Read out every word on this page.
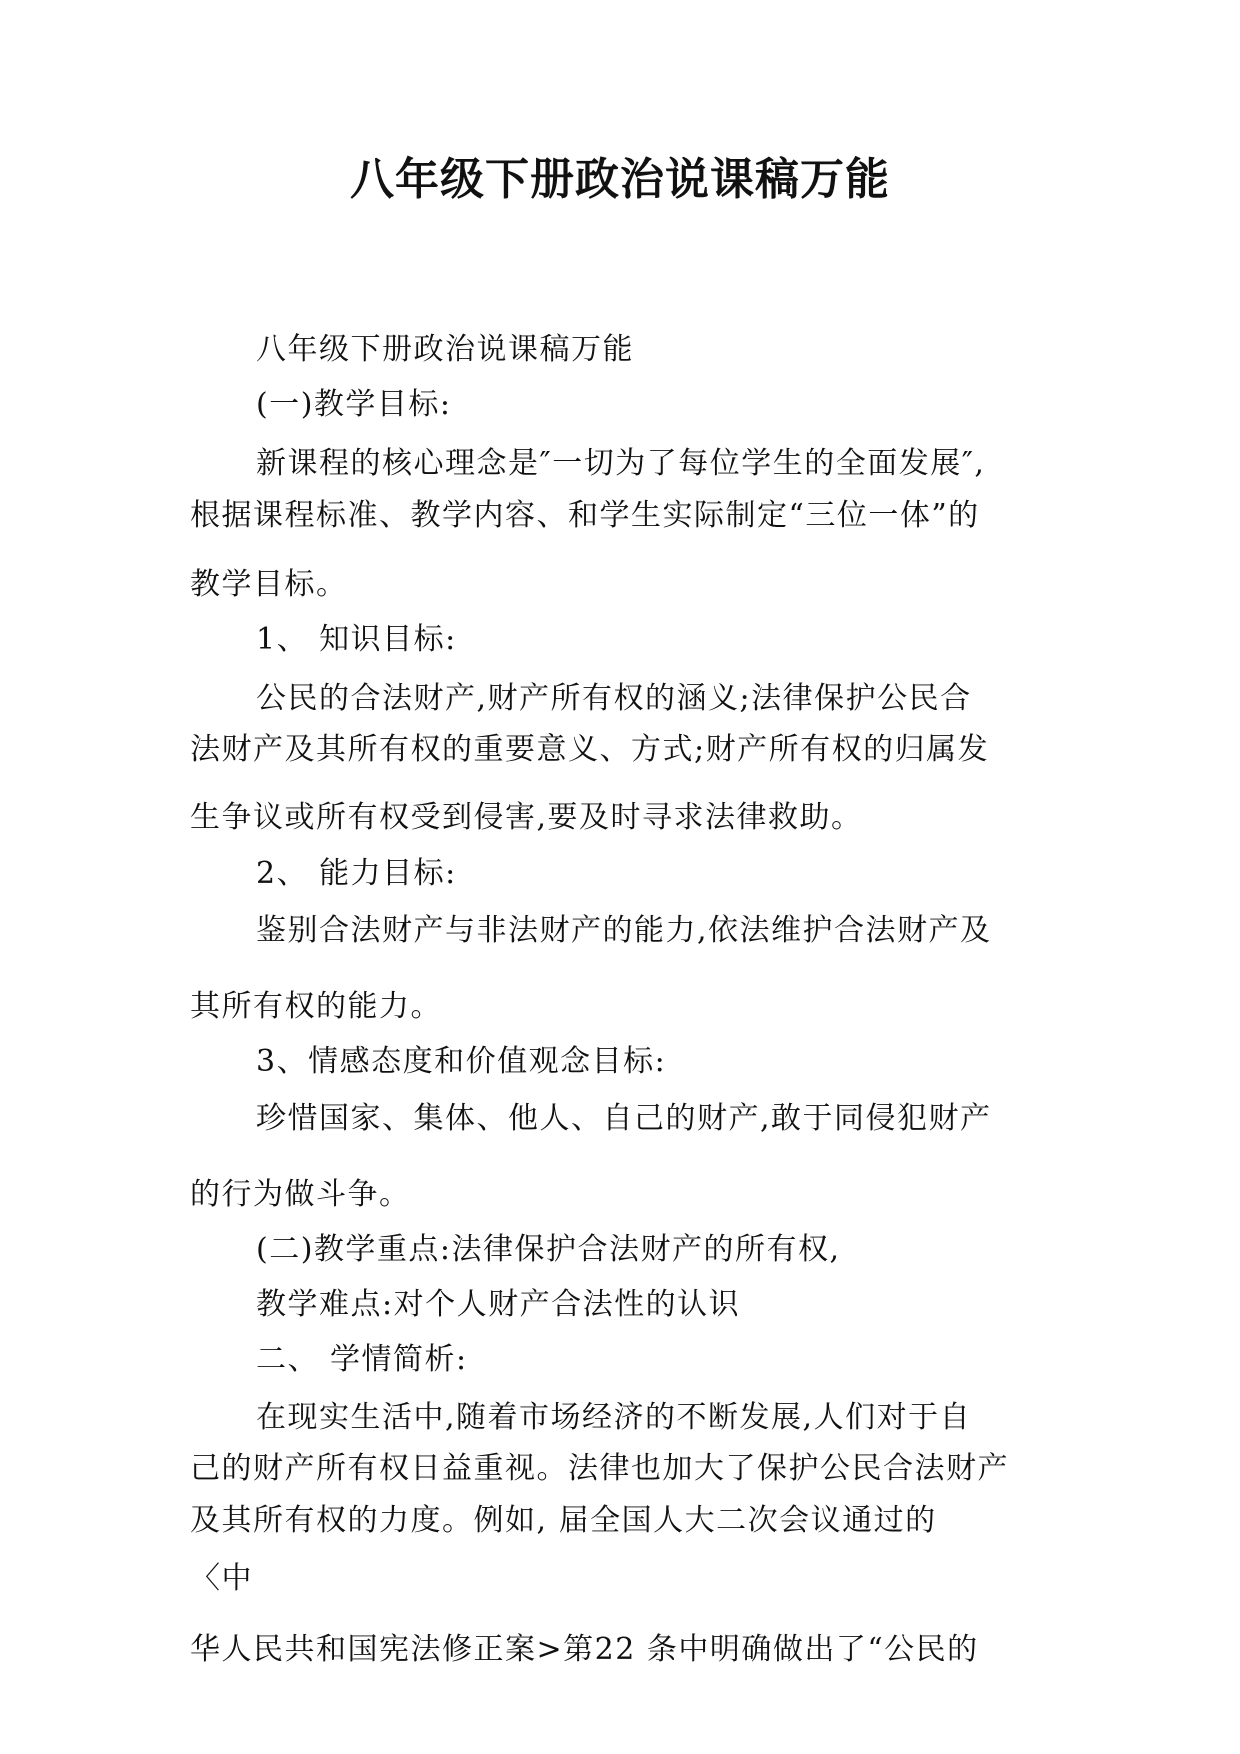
八年级下册政治说课稿万能
八年级下册政治说课稿万能
(一)教学目标:
新课程的核心理念是″一切为了每位学生的全面发展″,
根据课程标准、教学内容、和学生实际制定“三位一体”的
教学目标。
1、 知识目标:
公民的合法财产,财产所有权的涵义;法律保护公民合
法财产及其所有权的重要意义、方式;财产所有权的归属发
生争议或所有权受到侵害,要及时寻求法律救助。
2、 能力目标:
鉴别合法财产与非法财产的能力,依法维护合法财产及
其所有权的能力。
3、情感态度和价值观念目标:
珍惜国家、集体、他人、自己的财产,敢于同侵犯财产
的行为做斗争。
(二)教学重点:法律保护合法财产的所有权,
教学难点:对个人财产合法性的认识
二、 学情简析:
在现实生活中,随着市场经济的不断发展,人们对于自
己的财产所有权日益重视。法律也加大了保护公民合法财产
及其所有权的力度。例如, 届全国人大二次会议通过的
〈中
华人民共和国宪法修正案>第22 条中明确做出了“公民的
